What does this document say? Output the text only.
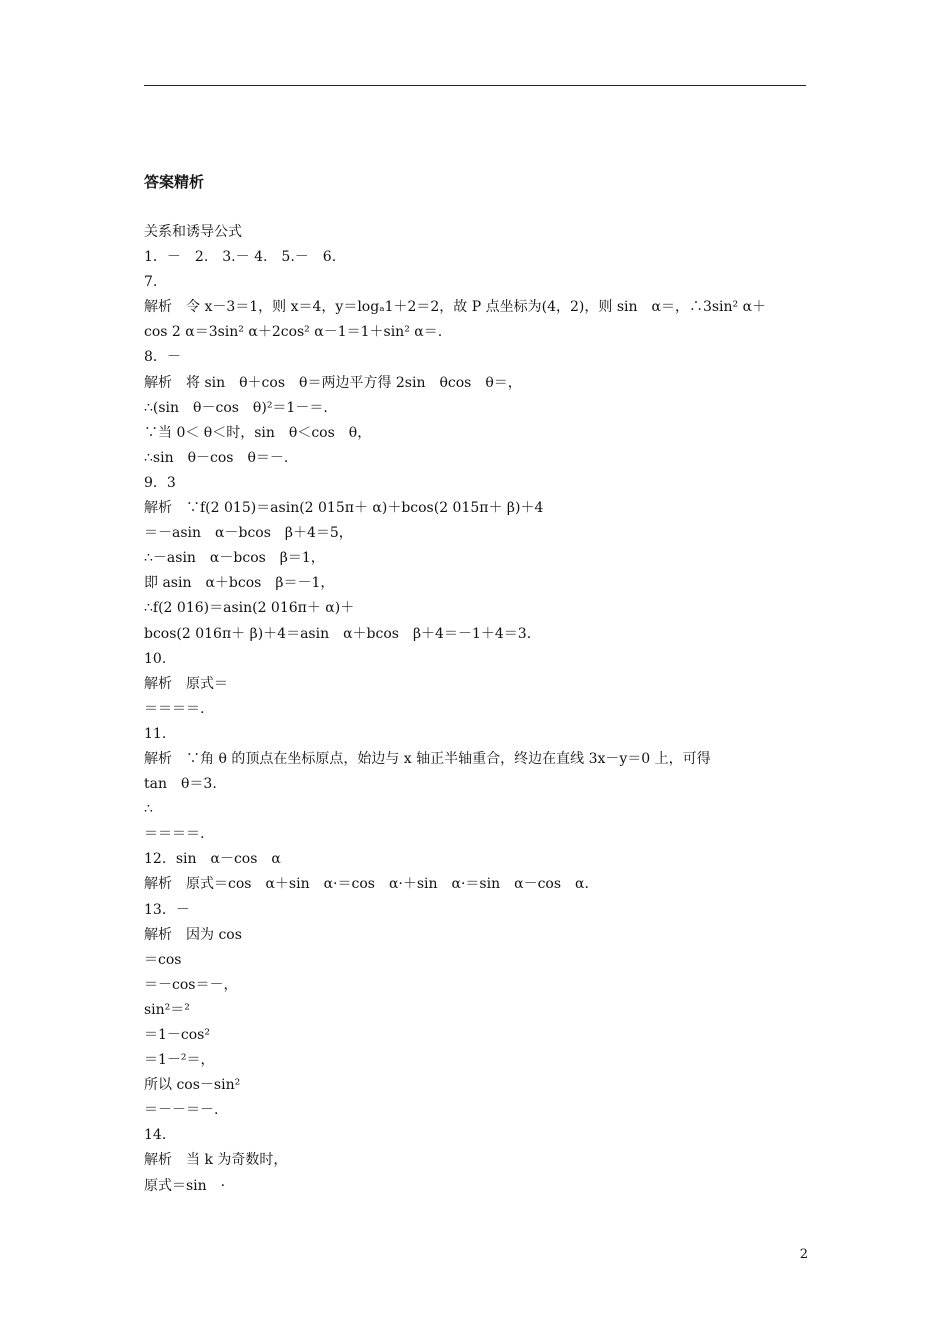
答案精析
关系和诱导公式
1．－　2.　3.－ 4.　5.－　6.
7.
解析　令 x－3＝1，则 x＝4，y＝logₐ1＋2＝2，故 P 点坐标为(4，2)，则 sin　α＝，∴3sin² α＋
cos 2 α＝3sin² α＋2cos² α－1＝1＋sin² α＝.
8．－
解析　将 sin　θ＋cos　θ＝两边平方得 2sin　θcos　θ＝，
∴(sin　θ－cos　θ)²＝1－＝.
∵当 0＜ θ＜时，sin　θ＜cos　θ，
∴sin　θ－cos　θ＝－.
9．3
解析　∵f(2 015)＝asin(2 015π＋ α)＋bcos(2 015π＋ β)＋4
＝－asin　α－bcos　β＋4＝5，
∴－asin　α－bcos　β＝1，
即 asin　α＋bcos　β＝－1，
∴f(2 016)＝asin(2 016π＋ α)＋
bcos(2 016π＋ β)＋4＝asin　α＋bcos　β＋4＝－1＋4＝3.
10.
解析　原式＝
＝＝＝＝.
11.
解析　∵角 θ 的顶点在坐标原点，始边与 x 轴正半轴重合，终边在直线 3x－y＝0 上，可得
tan　θ＝3.
∴
＝＝＝＝.
12．sin　α－cos　α
解析　原式＝cos　α＋sin　α·＝cos　α·＋sin　α·＝sin　α－cos　α.
13．－
解析　因为 cos
＝cos
＝－cos＝－，
sin²＝²
＝1－cos²
＝1－²＝，
所以 cos－sin²
＝－－＝－.
14.
解析　当 k 为奇数时，
原式＝sin　·
2
